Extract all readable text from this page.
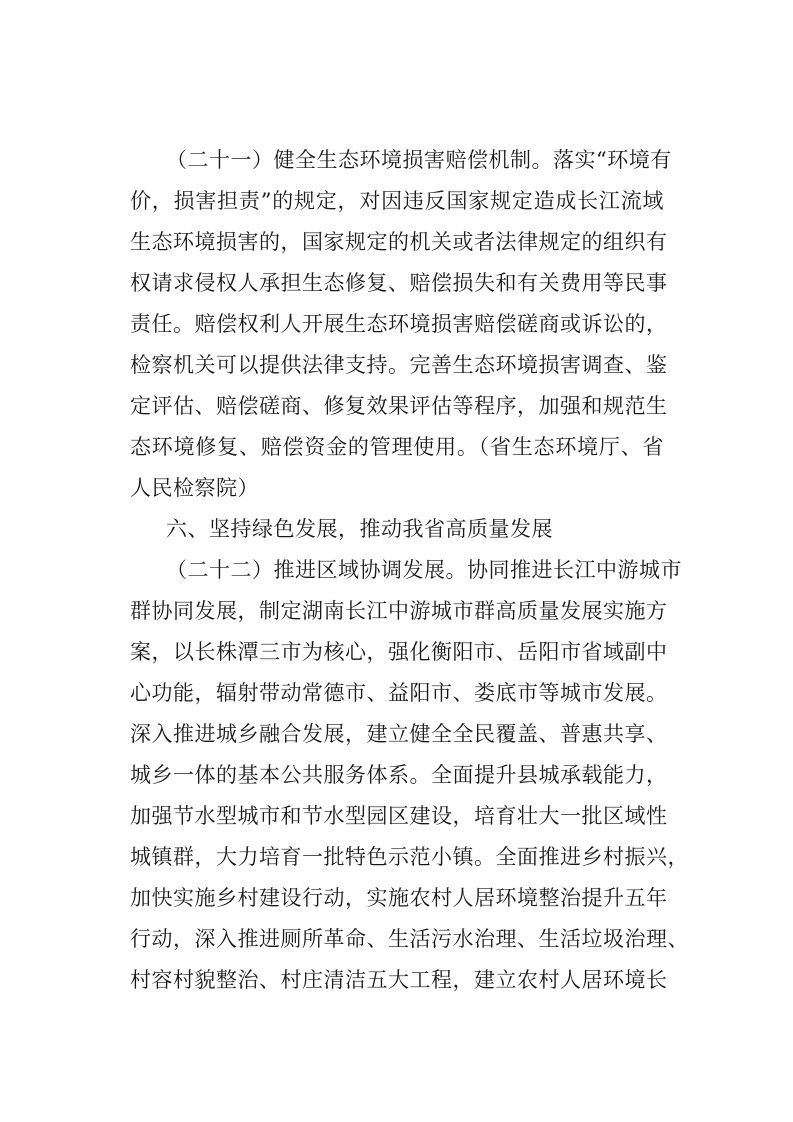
（二十一）健全生态环境损害赔偿机制。落实“环境有
价，损害担责”的规定，对因违反国家规定造成长江流域
生态环境损害的，国家规定的机关或者法律规定的组织有
权请求侵权人承担生态修复、赔偿损失和有关费用等民事
责任。赔偿权利人开展生态环境损害赔偿磋商或诉讼的，
检察机关可以提供法律支持。完善生态环境损害调查、鉴
定评估、赔偿磋商、修复效果评估等程序，加强和规范生
态环境修复、赔偿资金的管理使用。（省生态环境厅、省
人民检察院）
六、坚持绿色发展，推动我省高质量发展
（二十二）推进区域协调发展。协同推进长江中游城市
群协同发展，制定湖南长江中游城市群高质量发展实施方
案，以长株潭三市为核心，强化衡阳市、岳阳市省域副中
心功能，辐射带动常德市、益阳市、娄底市等城市发展。
深入推进城乡融合发展，建立健全全民覆盖、普惠共享、
城乡一体的基本公共服务体系。全面提升县城承载能力，
加强节水型城市和节水型园区建设，培育壮大一批区域性
城镇群，大力培育一批特色示范小镇。全面推进乡村振兴，
加快实施乡村建设行动，实施农村人居环境整治提升五年
行动，深入推进厕所革命、生活污水治理、生活垃圾治理、
村容村貌整治、村庄清洁五大工程，建立农村人居环境长
